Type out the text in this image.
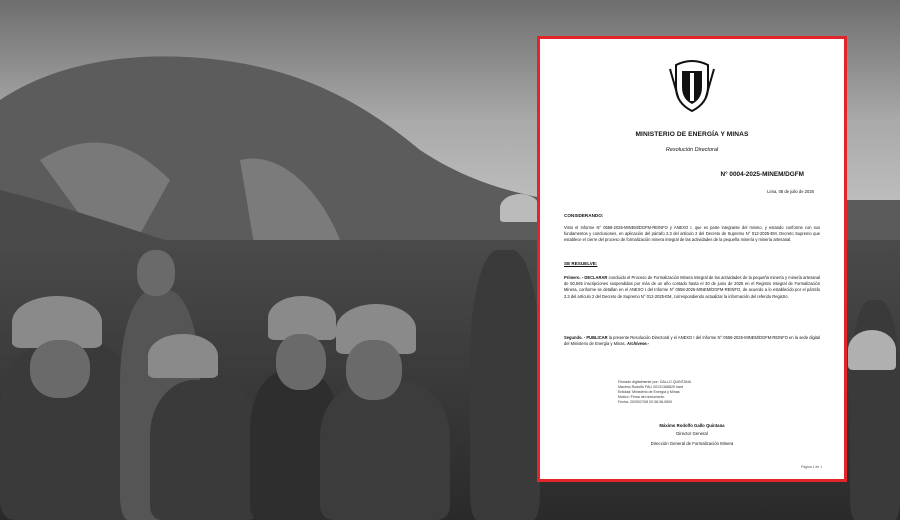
MINISTERIO DE ENERGÍA Y MINAS
Resolución Directoral
N° 0004-2025-MINEM/DGFM
Lima, 08 de julio de 2025
CONSIDERANDO:
Visto el Informe N° 0558-2025-MINEM/DGFM-REINFO y ANEXO I, que es parte integrante del mismo, y estando conforme con sus fundamentos y conclusiones, en aplicación del párrafo 2.3 del artículo 2 del Decreto de Supremo N° 012-2025-EM, Decreto Supremo que establece el cierre del proceso de formalización minera integral de las actividades de la pequeña minería y minería artesanal.
SE RESUELVE:
Primero. - DECLARAR concluido el Proceso de Formalización Minera Integral de las actividades de la pequeña minería y minería artesanal de 50,565 inscripciones suspendidas por más de un año contado hasta el 30 de junio de 2025 en el Registro Integral de Formalización Minera, conforme se detallan en el ANEXO I del Informe N° 0558-2025-MINEM/DGFM-REINFO, de acuerdo a lo establecido por el párrafo 2.3 del artículo 2 del Decreto de Supremo N° 012-2025-EM, correspondiendo actualizar la información del referido Registro.
Segundo. - PUBLICAR la presente Resolución Directoral y el ANEXO I del Informe N° 0558-2025-MINEM/DGFM-REINFO en la sede digital del Ministerio de Energía y Minas. Archívese.-
Firmado digitalmente por: GALLO QUINTANA
Maximo Rodolfo FAU 20131368829 hard
Entidad: Ministerio de Energía y Minas
Motivo: Firma del documento
Fecha: 2025/07/08 20:38:38-0500
Máximo Rodolfo Gallo Quintana
Director General
Dirección General de Formalización Minera
Página 1 de 1
